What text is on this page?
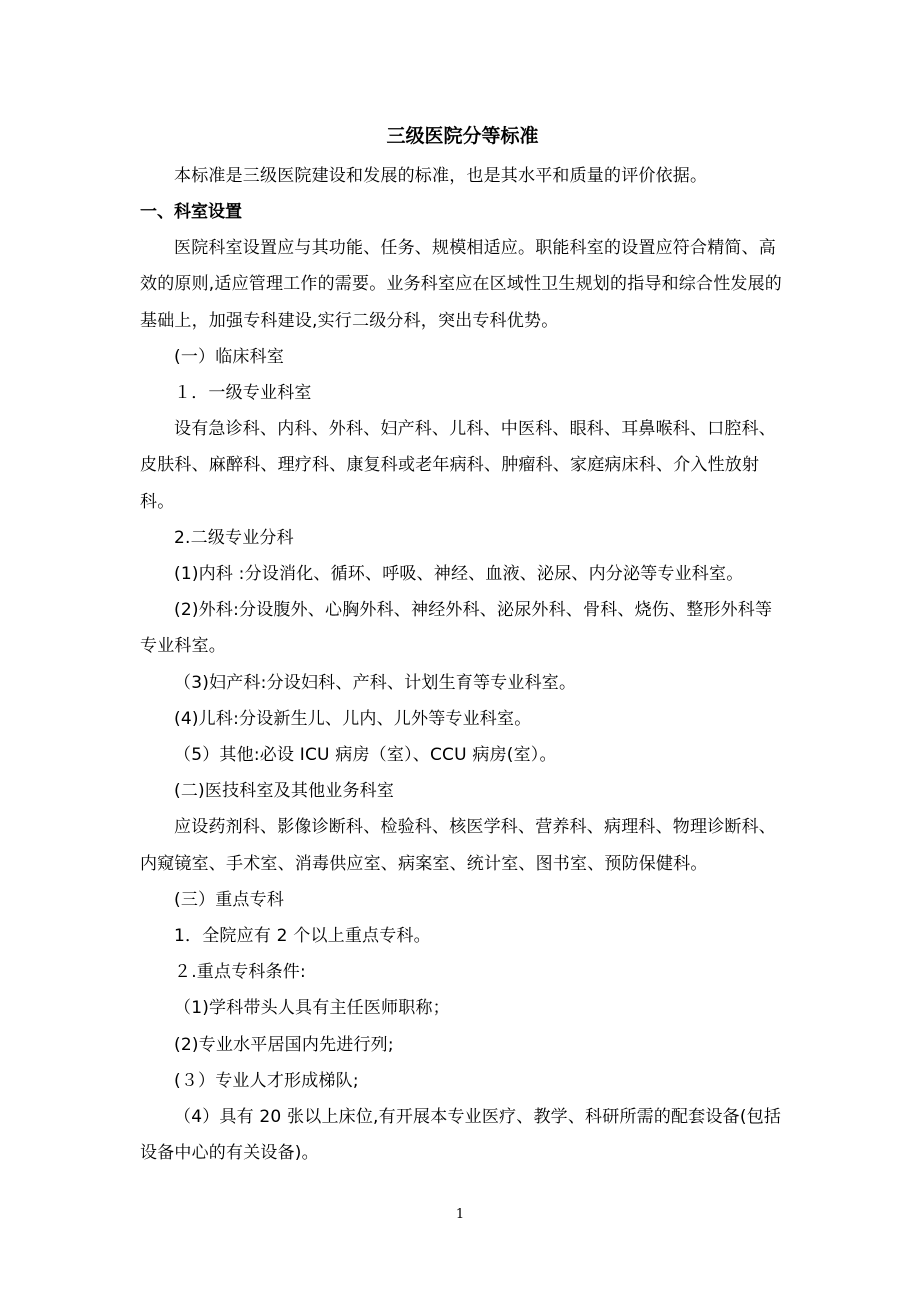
三级医院分等标准

本标准是三级医院建设和发展的标准，也是其水平和质量的评价依据。

一、科室设置

医院科室设置应与其功能、任务、规模相适应。职能科室的设置应符合精简、高效的原则,适应管理工作的需要。业务科室应在区域性卫生规划的指导和综合性发展的基础上，加强专科建设,实行二级分科，突出专科优势。

(一）临床科室

１．一级专业科室

设有急诊科、内科、外科、妇产科、儿科、中医科、眼科、耳鼻喉科、口腔科、皮肤科、麻醉科、理疗科、康复科或老年病科、肿瘤科、家庭病床科、介入性放射科。

2.二级专业分科

(1)内科 :分设消化、循环、呼吸、神经、血液、泌尿、内分泌等专业科室。

(2)外科:分设腹外、心胸外科、神经外科、泌尿外科、骨科、烧伤、整形外科等专业科室。

（3)妇产科:分设妇科、产科、计划生育等专业科室。

(4)儿科:分设新生儿、儿内、儿外等专业科室。

（5）其他:必设 ICU 病房（室）、CCU 病房(室）。

(二)医技科室及其他业务科室

应设药剂科、影像诊断科、检验科、核医学科、营养科、病理科、物理诊断科、内窥镜室、手术室、消毒供应室、病案室、统计室、图书室、预防保健科。

(三）重点专科

1．全院应有 2 个以上重点专科。

２.重点专科条件:

（1)学科带头人具有主任医师职称；

(2)专业水平居国内先进行列;

(３）专业人才形成梯队;

（4）具有 20 张以上床位,有开展本专业医疗、教学、科研所需的配套设备(包括设备中心的有关设备)。

1
